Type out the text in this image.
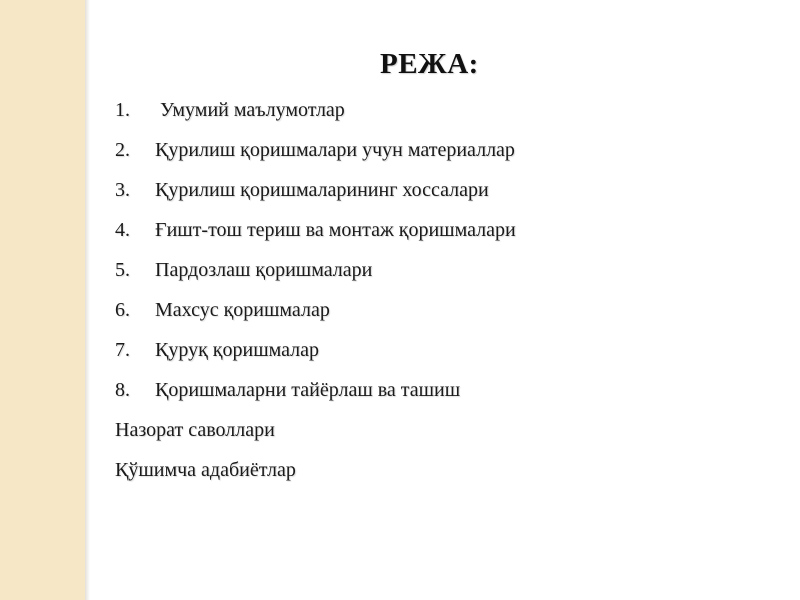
РЕЖА:
1. Умумий маълумотлар
2. Қурилиш қоришмалари учун материаллар
3. Қурилиш қоришмаларининг хоссалари
4. Ғишт-тош териш ва монтаж қоришмалари
5. Пардозлаш қоришмалари
6. Махсус қоришмалар
7. Қуруқ қоришмалар
8. Қоришмаларни тайёрлаш ва ташиш
Назорат саволлари
Қўшимча адабиётлар
